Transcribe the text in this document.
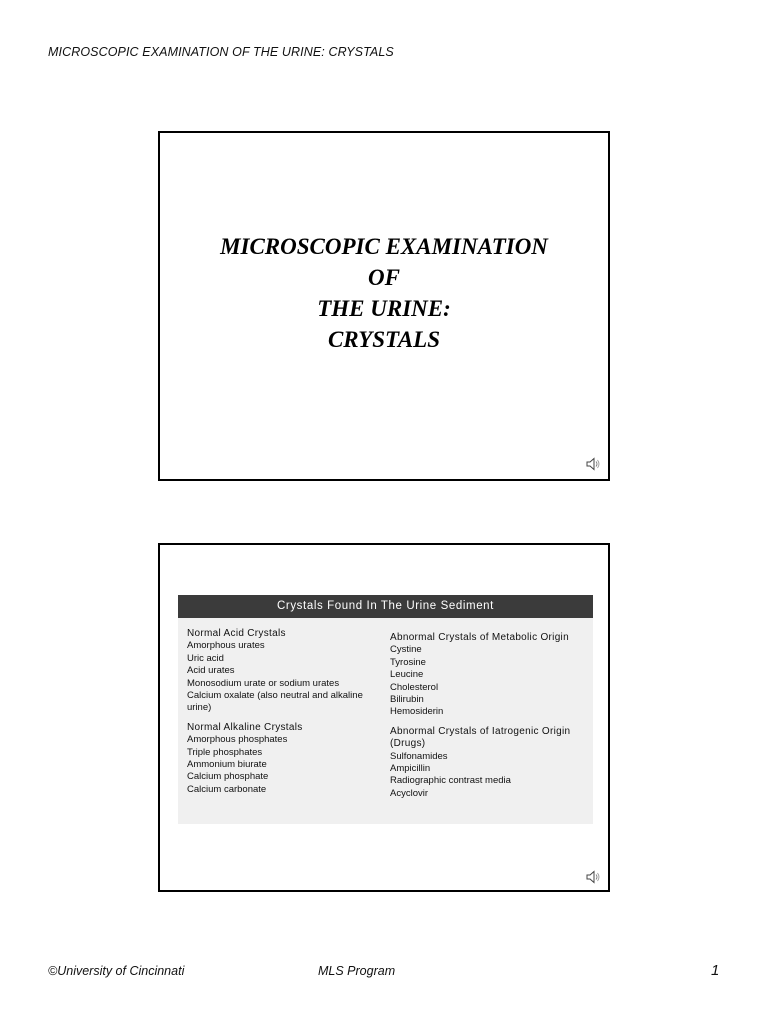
MICROSCOPIC EXAMINATION OF THE URINE: CRYSTALS
MICROSCOPIC EXAMINATION
OF
THE URINE:
CRYSTALS
Crystals Found In The Urine Sediment
Normal Acid Crystals
Amorphous urates
Uric acid
Acid urates
Monosodium urate or sodium urates
Calcium oxalate (also neutral and alkaline urine)
Normal Alkaline Crystals
Amorphous phosphates
Triple phosphates
Ammonium biurate
Calcium phosphate
Calcium carbonate
Abnormal Crystals of Metabolic Origin
Cystine
Tyrosine
Leucine
Cholesterol
Bilirubin
Hemosiderin
Abnormal Crystals of Iatrogenic Origin (Drugs)
Sulfonamides
Ampicillin
Radiographic contrast media
Acyclovir
©University of Cincinnati	MLS Program	1
